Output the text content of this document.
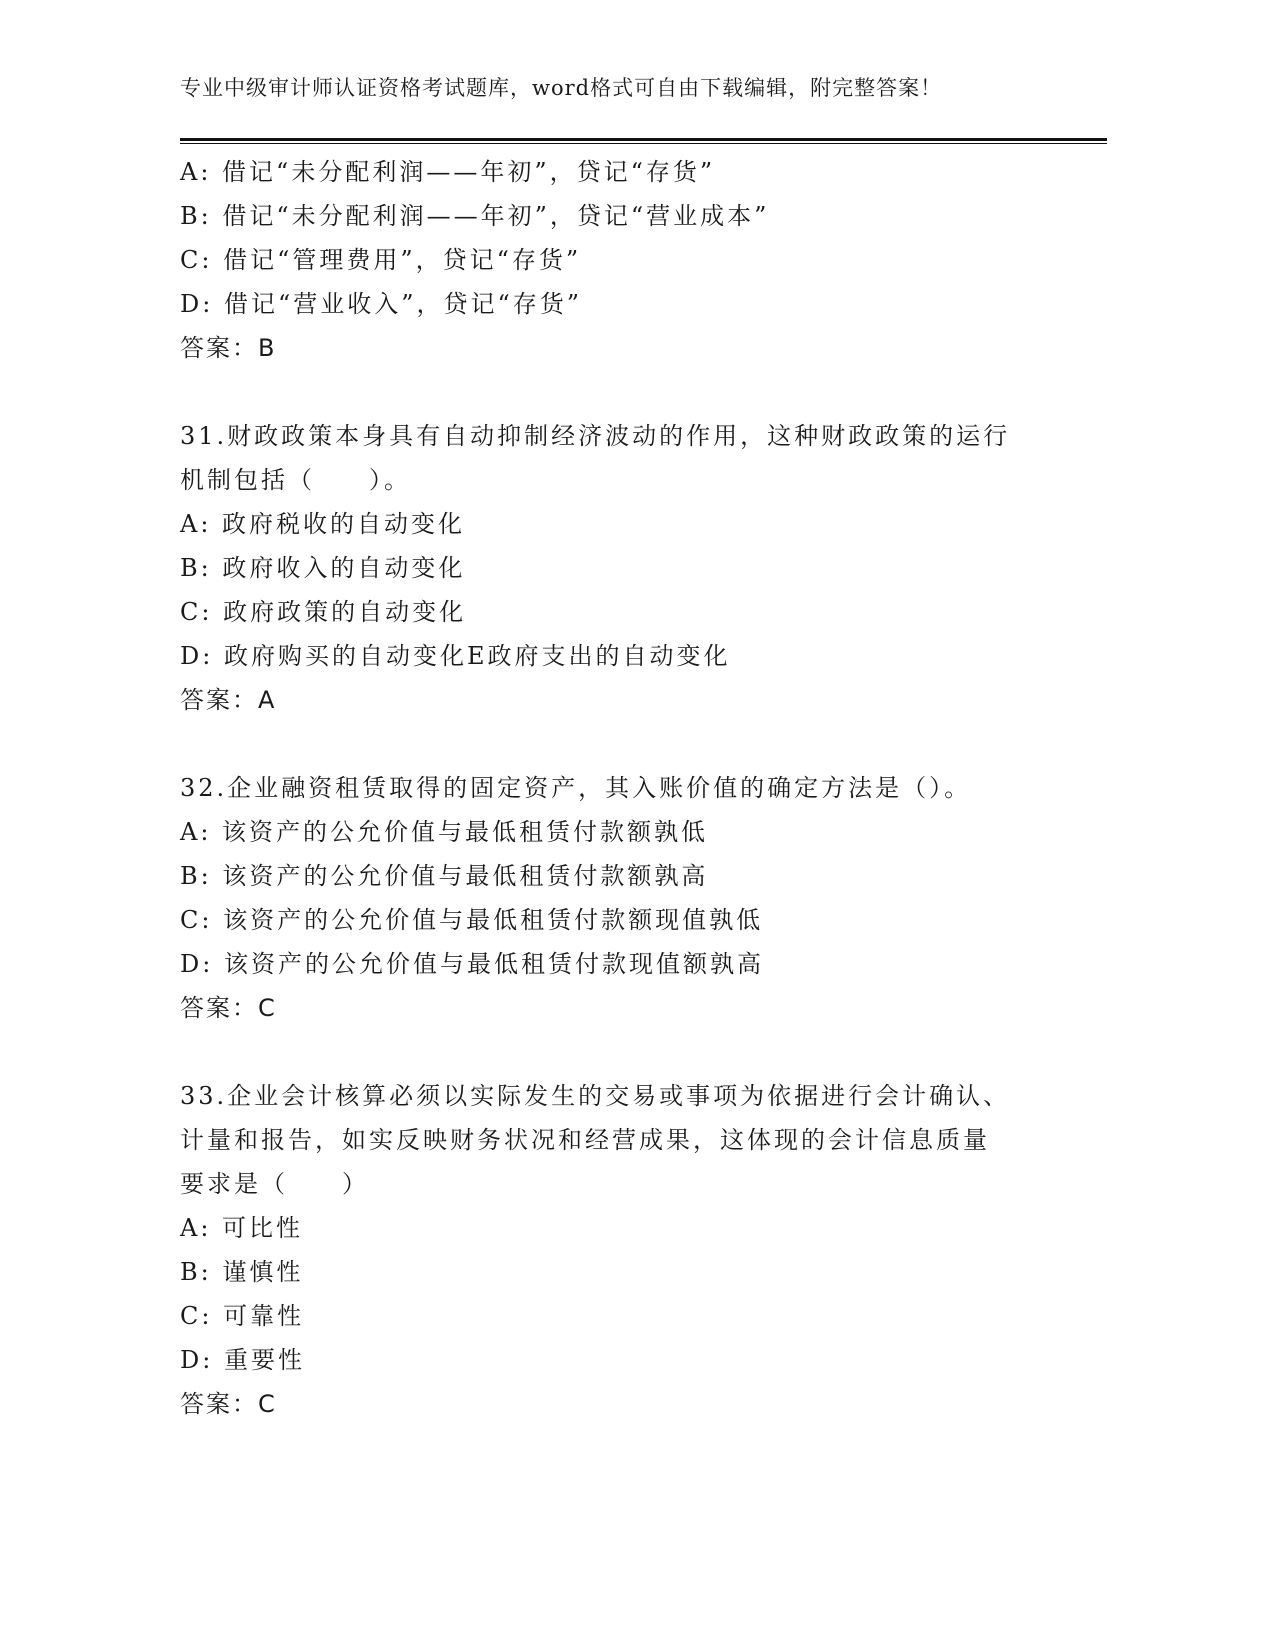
专业中级审计师认证资格考试题库，word格式可自由下载编辑，附完整答案！
A: 借记“未分配利润——年初”，贷记“存货”
B: 借记“未分配利润——年初”，贷记“营业成本”
C: 借记“管理费用”，贷记“存货”
D: 借记“营业收入”，贷记“存货”
答案：B
31.财政政策本身具有自动抑制经济波动的作用，这种财政政策的运行
机制包括（　　）。
A: 政府税收的自动变化
B: 政府收入的自动变化
C: 政府政策的自动变化
D: 政府购买的自动变化E政府支出的自动变化
答案：A
32.企业融资租赁取得的固定资产，其入账价值的确定方法是（）。
A: 该资产的公允价值与最低租赁付款额孰低
B: 该资产的公允价值与最低租赁付款额孰高
C: 该资产的公允价值与最低租赁付款额现值孰低
D: 该资产的公允价值与最低租赁付款现值额孰高
答案：C
33.企业会计核算必须以实际发生的交易或事项为依据进行会计确认、
计量和报告，如实反映财务状况和经营成果，这体现的会计信息质量
要求是（　　）
A: 可比性
B: 谨慎性
C: 可靠性
D: 重要性
答案：C
